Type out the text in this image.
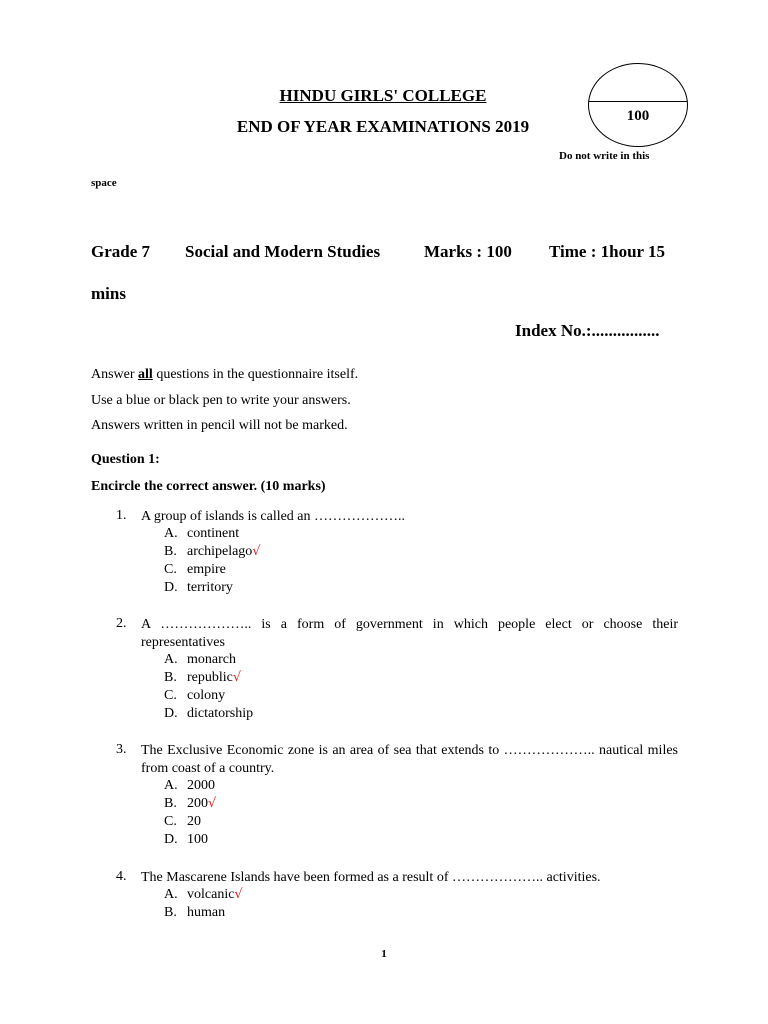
HINDU GIRLS' COLLEGE
END OF YEAR EXAMINATIONS 2019
100
Do not write in this
space
Grade 7 Social and Modern Studies	Marks : 100 Time : 1hour 15
mins
Index No.:................
Answer all questions in the questionnaire itself.
Use a blue or black pen to write your answers.
Answers written in pencil will not be marked.
Question 1:
Encircle the correct answer. (10 marks)
1. A group of islands is called an ………………..
A. continent
B. archipelago√
C. empire
D. territory
2. A ……………….. is a form of government in which people elect or choose their representatives
A. monarch
B. republic√
C. colony
D. dictatorship
3. The Exclusive Economic zone is an area of sea that extends to ……………….. nautical miles from coast of a country.
A. 2000
B. 200√
C. 20
D. 100
4. The Mascarene Islands have been formed as a result of ……………….. activities.
A. volcanic√
B. human
1
